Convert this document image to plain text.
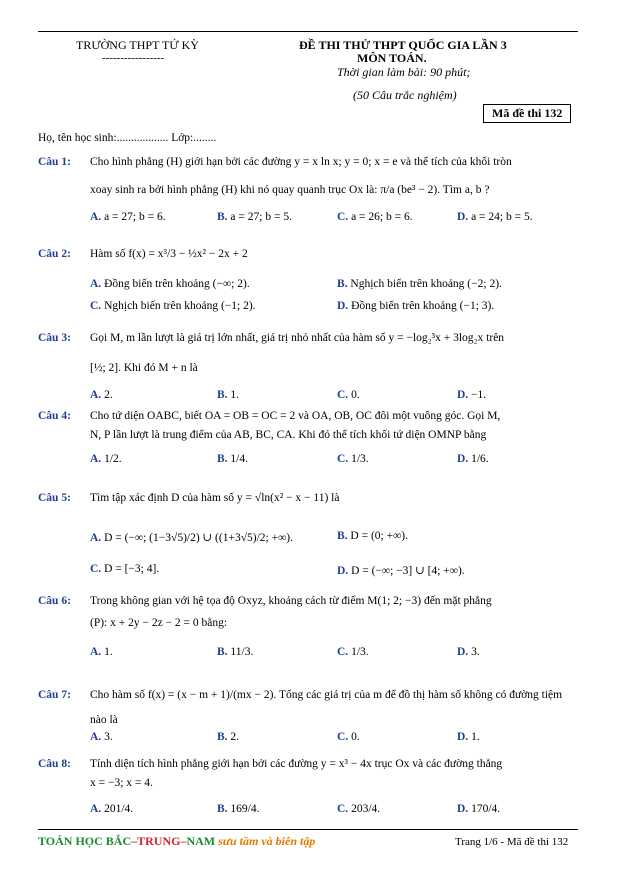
TRƯỜNG THPT TỨ KỲ
-----------------
ĐỀ THI THỬ THPT QUỐC GIA LẦN 3
MÔN TOÁN.
Thời gian làm bài: 90 phút;
(50 Câu trắc nghiệm)
Mã đề thi 132
Họ, tên học sinh:.................. Lớp:........
Câu 1: Cho hình phẳng (H) giới hạn bởi các đường y = x ln x; y = 0; x = e và thể tích của khối tròn
xoay sinh ra bởi hình phẳng (H) khi nó quay quanh trục Ox là: π/a (be³ − 2). Tìm a, b ?
A. a = 27; b = 6.	B. a = 27; b = 5.	C. a = 26; b = 6.	D. a = 24; b = 5.
Câu 2: Hàm số f(x) = x³/3 − ½x² − 2x + 2
A. Đồng biến trên khoảng (−∞; 2).	B. Nghịch biến trên khoảng (−2; 2).
C. Nghịch biến trên khoảng (−1; 2).	D. Đồng biến trên khoảng (−1; 3).
Câu 3: Gọi M, m lần lượt là giá trị lớn nhất, giá trị nhỏ nhất của hàm số y = −log₂³x + 3log₂x trên
[½; 2]. Khi đó M + n là
A. 2.	B. 1.	C. 0.	D. −1.
Câu 4: Cho tứ diện OABC, biết OA = OB = OC = 2 và OA, OB, OC đôi một vuông góc. Gọi M,
N, P lần lượt là trung điểm của AB, BC, CA. Khi đó thể tích khối tứ diện OMNP bằng
A. 1/2.	B. 1/4.	C. 1/3.	D. 1/6.
Câu 5: Tìm tập xác định D của hàm số y = √ln(x² − x − 11) là
A. D = (−∞; (1−3√5)/2) ∪ ((1+3√5)/2; +∞).	B. D = (0; +∞).
C. D = [−3; 4].	D. D = (−∞; −3] ∪ [4; +∞).
Câu 6: Trong không gian với hệ tọa độ Oxyz, khoảng cách từ điểm M(1; 2; −3) đến mặt phẳng
(P): x + 2y − 2z − 2 = 0 bằng:
A. 1.	B. 11/3.	C. 1/3.	D. 3.
Câu 7: Cho hàm số f(x) = (x − m + 1)/(mx − 2). Tổng các giá trị của m để đồ thị hàm số không có đường tiệm
nào là
A. 3.	B. 2.	C. 0.	D. 1.
Câu 8: Tính diện tích hình phẳng giới hạn bởi các đường y = x³ − 4x trục Ox và các đường thẳng
x = −3; x = 4.
A. 201/4.	B. 169/4.	C. 203/4.	D. 170/4.
TOÁN HỌC BẮC–TRUNG–NAM sưu tầm và biên tập	Trang 1/6 - Mã đề thi 132
